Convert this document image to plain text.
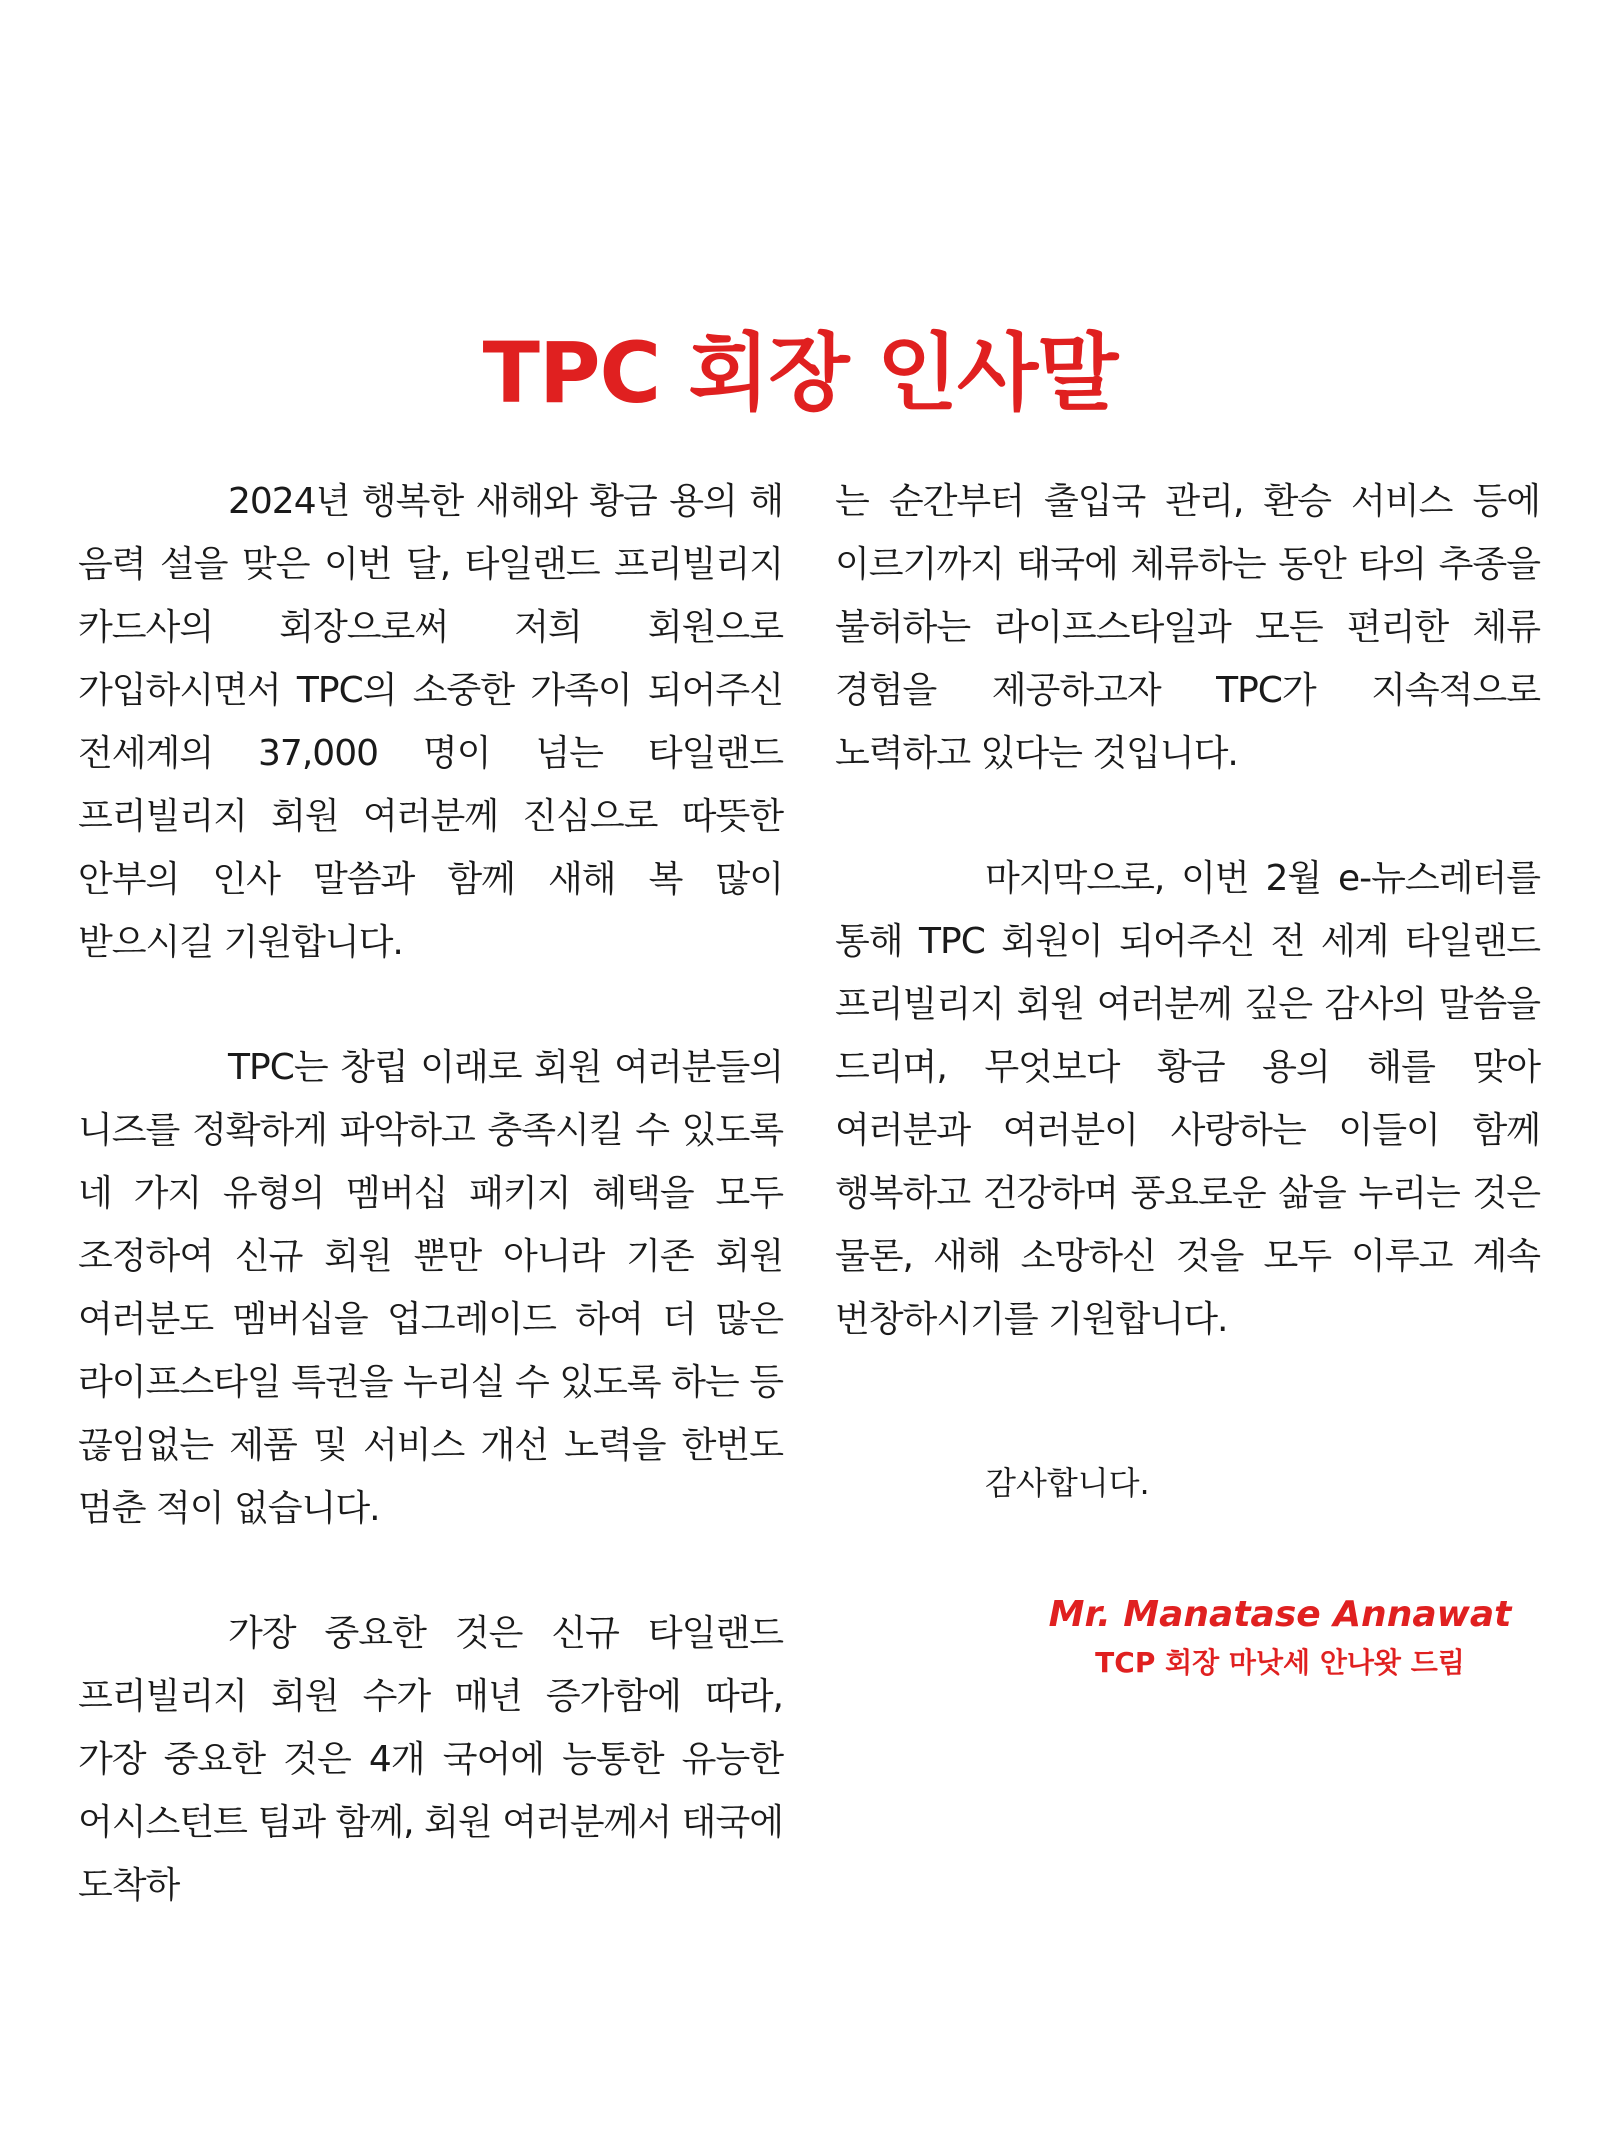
TPC 회장 인사말

2024년 행복한 새해와 황금 용의 해 음력 설을 맞은 이번 달, 타일랜드 프리빌리지 카드사의 회장으로써 저희 회원으로 가입하시면서 TPC의 소중한 가족이 되어주신 전세계의 37,000 명이 넘는 타일랜드 프리빌리지 회원 여러분께 진심으로 따뜻한 안부의 인사 말씀과 함께 새해 복 많이 받으시길 기원합니다.

TPC는 창립 이래로 회원 여러분들의 니즈를 정확하게 파악하고 충족시킬 수 있도록 네 가지 유형의 멤버십 패키지 혜택을 모두 조정하여 신규 회원 뿐만 아니라 기존 회원 여러분도 멤버십을 업그레이드 하여 더 많은 라이프스타일 특권을 누리실 수 있도록 하는 등 끊임없는 제품 및 서비스 개선 노력을 한번도 멈춘 적이 없습니다.

가장 중요한 것은 신규 타일랜드 프리빌리지 회원 수가 매년 증가함에 따라, 가장 중요한 것은 4개 국어에 능통한 유능한 어시스턴트 팀과 함께, 회원 여러분께서 태국에 도착하

는 순간부터 출입국 관리, 환승 서비스 등에 이르기까지 태국에 체류하는 동안 타의 추종을 불허하는 라이프스타일과 모든 편리한 체류 경험을 제공하고자 TPC가 지속적으로 노력하고 있다는 것입니다.

마지막으로, 이번 2월 e-뉴스레터를 통해 TPC 회원이 되어주신 전 세계 타일랜드 프리빌리지 회원 여러분께 깊은 감사의 말씀을 드리며, 무엇보다 황금 용의 해를 맞아 여러분과 여러분이 사랑하는 이들이 함께 행복하고 건강하며 풍요로운 삶을 누리는 것은 물론, 새해 소망하신 것을 모두 이루고 계속 번창하시기를 기원합니다.

감사합니다.

Mr. Manatase Annawat

TCP 회장 마낫세 안나왓 드림
